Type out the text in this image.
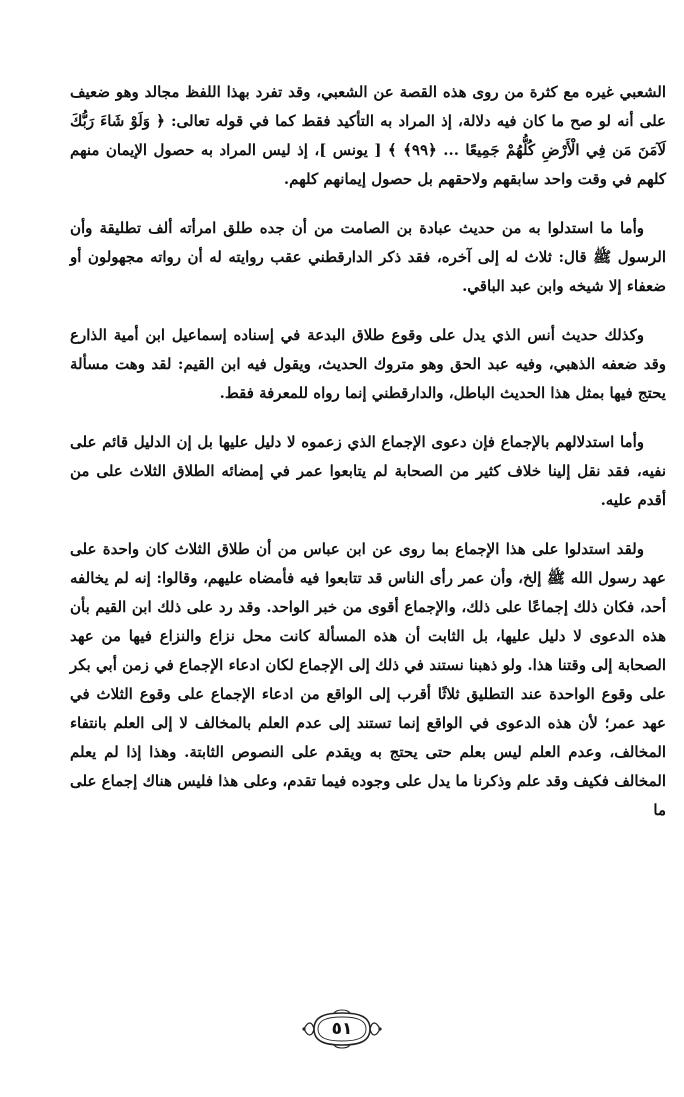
الشعبي غيره مع كثرة من روى هذه القصة عن الشعبي، وقد تفرد بهذا اللفظ مجالد وهو ضعيف على أنه لو صح ما كان فيه دلالة، إذ المراد به التأكيد فقط كما في قوله تعالى: ﴿ وَلَوْ شَاءَ رَبُّكَ لَآمَنَ مَن فِي الْأَرْضِ كُلُّهُمْ جَمِيعًا ... ﴿٩٩﴾ ﴾ [ يونس ]، إذ ليس المراد به حصول الإيمان منهم كلهم في وقت واحد سابقهم ولاحقهم بل حصول إيمانهم كلهم.

وأما ما استدلوا به من حديث عبادة بن الصامت من أن جده طلق امرأته ألف تطليقة وأن الرسول ﷺ قال: ثلاث له إلى آخره، فقد ذكر الدارقطني عقب روايته له أن رواته مجهولون أو ضعفاء إلا شيخه وابن عبد الباقي.

وكذلك حديث أنس الذي يدل على وقوع طلاق البدعة في إسناده إسماعيل ابن أمية الذارع وقد ضعفه الذهبي، وفيه عبد الحق وهو متروك الحديث، ويقول فيه ابن القيم: لقد وهت مسألة يحتج فيها بمثل هذا الحديث الباطل، والدارقطني إنما رواه للمعرفة فقط.

وأما استدلالهم بالإجماع فإن دعوى الإجماع الذي زعموه لا دليل عليها بل إن الدليل قائم على نفيه، فقد نقل إلينا خلاف كثير من الصحابة لم يتابعوا عمر في إمضائه الطلاق الثلاث على من أقدم عليه.

ولقد استدلوا على هذا الإجماع بما روى عن ابن عباس من أن طلاق الثلاث كان واحدة على عهد رسول الله ﷺ إلخ، وأن عمر رأى الناس قد تتابعوا فيه فأمضاه عليهم، وقالوا: إنه لم يخالفه أحد، فكان ذلك إجماعًا على ذلك، والإجماع أقوى من خبر الواحد. وقد رد على ذلك ابن القيم بأن هذه الدعوى لا دليل عليها، بل الثابت أن هذه المسألة كانت محل نزاع والنزاع فيها من عهد الصحابة إلى وقتنا هذا. ولو ذهبنا نستند في ذلك إلى الإجماع لكان ادعاء الإجماع في زمن أبي بكر على وقوع الواحدة عند التطليق ثلاثًا أقرب إلى الواقع من ادعاء الإجماع على وقوع الثلاث في عهد عمر؛ لأن هذه الدعوى في الواقع إنما تستند إلى عدم العلم بالمخالف لا إلى العلم بانتفاء المخالف، وعدم العلم ليس بعلم حتى يحتج به ويقدم على النصوص الثابتة. وهذا إذا لم يعلم المخالف فكيف وقد علم وذكرنا ما يدل على وجوده فيما تقدم، وعلى هذا فليس هناك إجماع على ما

٥١
